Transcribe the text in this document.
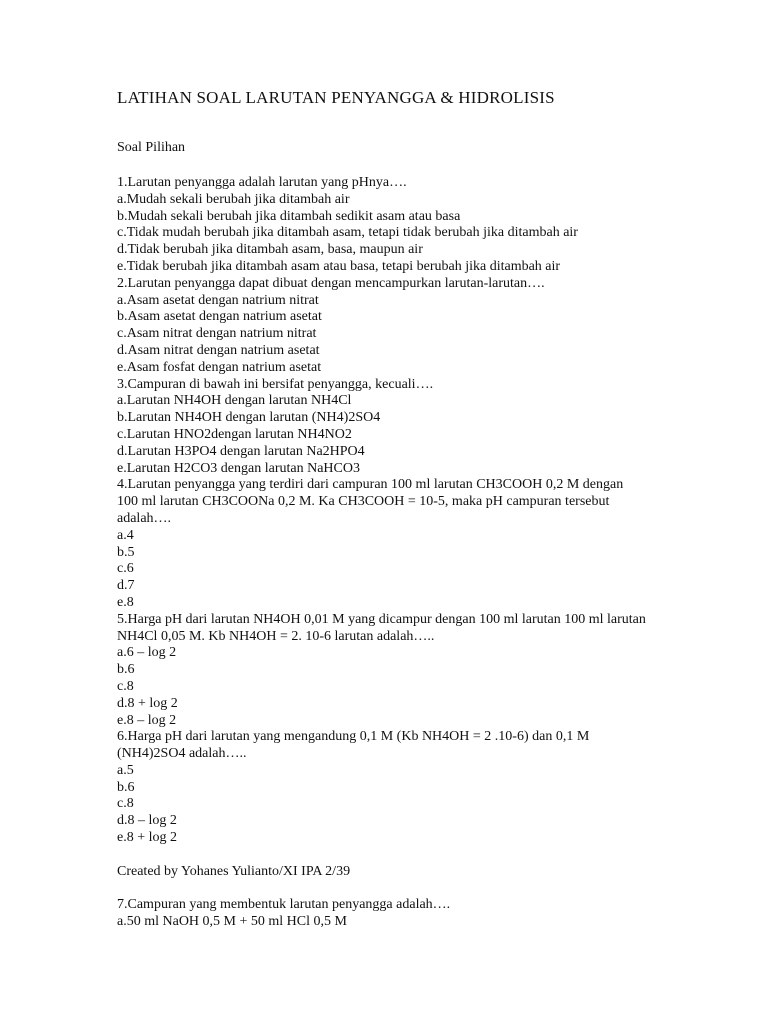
LATIHAN SOAL LARUTAN PENYANGGA & HIDROLISIS

Soal Pilihan

1.Larutan penyangga adalah larutan yang pHnya….
a.Mudah sekali berubah jika ditambah air
b.Mudah sekali berubah jika ditambah sedikit asam atau basa
c.Tidak mudah berubah jika ditambah asam, tetapi tidak berubah jika ditambah air
d.Tidak berubah jika ditambah asam, basa, maupun air
e.Tidak berubah jika ditambah asam atau basa, tetapi berubah jika ditambah air
2.Larutan penyangga dapat dibuat dengan mencampurkan larutan-larutan….
a.Asam asetat dengan natrium nitrat
b.Asam asetat dengan natrium asetat
c.Asam nitrat dengan natrium nitrat
d.Asam nitrat dengan natrium asetat
e.Asam fosfat dengan natrium asetat
3.Campuran di bawah ini bersifat penyangga, kecuali….
a.Larutan NH4OH dengan larutan NH4Cl
b.Larutan NH4OH dengan larutan (NH4)2SO4
c.Larutan HNO2dengan larutan NH4NO2
d.Larutan H3PO4 dengan larutan Na2HPO4
e.Larutan H2CO3 dengan larutan NaHCO3
4.Larutan penyangga yang terdiri dari campuran 100 ml larutan CH3COOH 0,2 M dengan 100 ml larutan CH3COONa 0,2 M. Ka CH3COOH = 10-5, maka pH campuran tersebut adalah….
a.4
b.5
c.6
d.7
e.8
5.Harga pH dari larutan NH4OH 0,01 M yang dicampur dengan 100 ml larutan 100 ml larutan NH4Cl 0,05 M. Kb NH4OH = 2. 10-6 larutan adalah…..
a.6 – log 2
b.6
c.8
d.8 + log 2
e.8 – log 2
6.Harga pH dari larutan yang mengandung 0,1 M (Kb NH4OH = 2 .10-6) dan 0,1 M (NH4)2SO4 adalah…..
a.5
b.6
c.8
d.8 – log 2
e.8 + log 2
Created by Yohanes Yulianto/XI IPA 2/39
7.Campuran yang membentuk larutan penyangga adalah….
a.50 ml NaOH 0,5 M + 50 ml HCl 0,5 M
